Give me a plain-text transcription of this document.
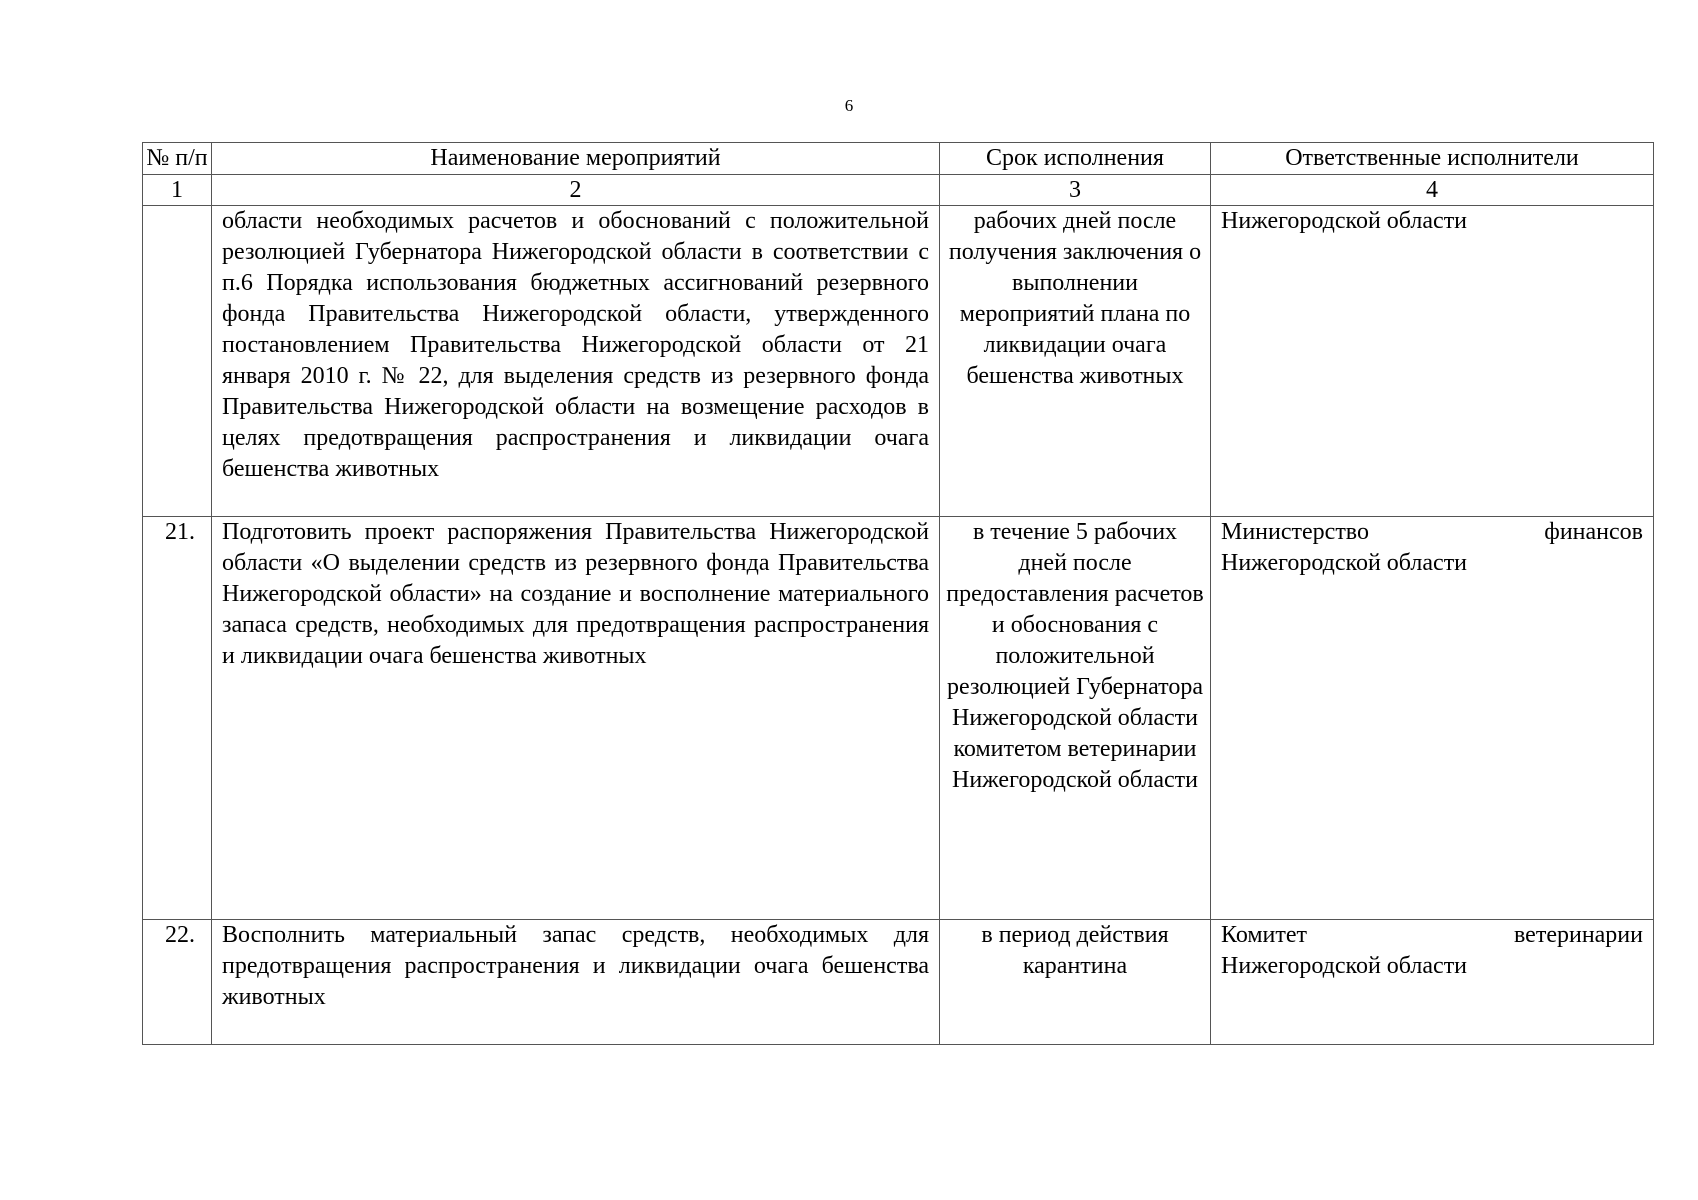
6
№ п/п	Наименование мероприятий	Срок исполнения	Ответственные исполнители
1	2	3	4
	области необходимых расчетов и обоснований с положительной резолюцией Губернатора Нижегородской области в соответствии с п.6 Порядка использования бюджетных ассигнований резервного фонда Правительства Нижегородской области, утвержденного постановлением Правительства Нижегородской области от 21 января 2010 г. № 22, для выделения средств из резервного фонда Правительства Нижегородской области на возмещение расходов в целях предотвращения распространения и ликвидации очага бешенства животных	рабочих дней после получения заключения о выполнении мероприятий плана по ликвидации очага бешенства животных	Нижегородской области

21.	Подготовить проект распоряжения Правительства Нижегородской области «О выделении средств из резервного фонда Правительства Нижегородской области» на создание и восполнение материального запаса средств, необходимых для предотвращения распространения и ликвидации очага бешенства животных	в течение 5 рабочих дней после предоставления расчетов и обоснования с положительной резолюцией Губернатора Нижегородской области комитетом ветеринарии Нижегородской области	Министерство финансов
Нижегородской области

22.	Восполнить материальный запас средств, необходимых для предотвращения распространения и ликвидации очага бешенства животных	в период действия карантина	Комитет ветеринарии
Нижегородской области
